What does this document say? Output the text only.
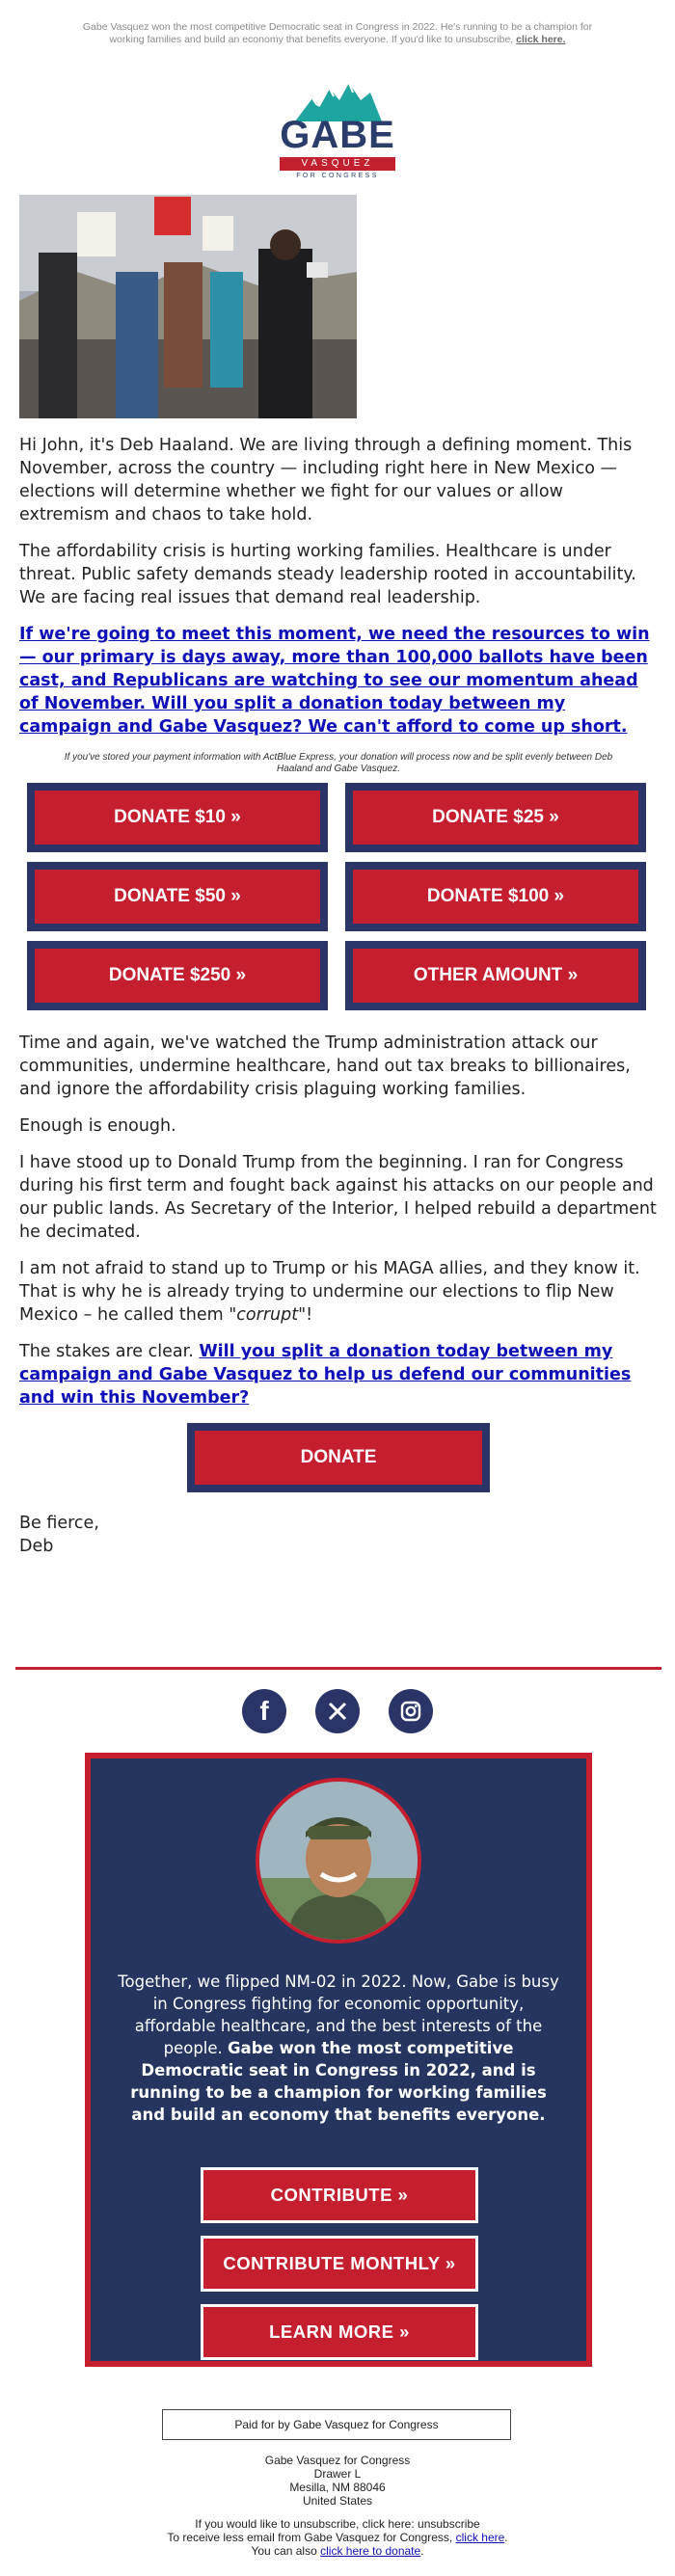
Gabe Vasquez won the most competitive Democratic seat in Congress in 2022. He's running to be a champion for working families and build an economy that benefits everyone. If you'd like to unsubscribe, click here.
GABE
VASQUEZ
FOR CONGRESS

Hi John, it's Deb Haaland. We are living through a defining moment. This November, across the country — including right here in New Mexico — elections will determine whether we fight for our values or allow extremism and chaos to take hold.

The affordability crisis is hurting working families. Healthcare is under threat. Public safety demands steady leadership rooted in accountability. We are facing real issues that demand real leadership.

If we're going to meet this moment, we need the resources to win — our primary is days away, more than 100,000 ballots have been cast, and Republicans are watching to see our momentum ahead of November. Will you split a donation today between my campaign and Gabe Vasquez? We can't afford to come up short.

If you've stored your payment information with ActBlue Express, your donation will process now and be split evenly between Deb Haaland and Gabe Vasquez.
DONATE $10 »	DONATE $25 »
DONATE $50 »	DONATE $100 »
DONATE $250 »	OTHER AMOUNT »

Time and again, we've watched the Trump administration attack our communities, undermine healthcare, hand out tax breaks to billionaires, and ignore the affordability crisis plaguing working families.

Enough is enough.

I have stood up to Donald Trump from the beginning. I ran for Congress during his first term and fought back against his attacks on our people and our public lands. As Secretary of the Interior, I helped rebuild a department he decimated.

I am not afraid to stand up to Trump or his MAGA allies, and they know it. That is why he is already trying to undermine our elections to flip New Mexico – he called them "corrupt"!

The stakes are clear. Will you split a donation today between my campaign and Gabe Vasquez to help us defend our communities and win this November?

DONATE

Be fierce,
Deb

f
Together, we flipped NM-02 in 2022. Now, Gabe is busy in Congress fighting for economic opportunity, affordable healthcare, and the best interests of the people. Gabe won the most competitive Democratic seat in Congress in 2022, and is running to be a champion for working families and build an economy that benefits everyone.
CONTRIBUTE »
CONTRIBUTE MONTHLY »
LEARN MORE »
Paid for by Gabe Vasquez for Congress
Gabe Vasquez for Congress
Drawer L
Mesilla, NM 88046
United States
If you would like to unsubscribe, click here: unsubscribe
To receive less email from Gabe Vasquez for Congress, click here.
You can also click here to donate.
